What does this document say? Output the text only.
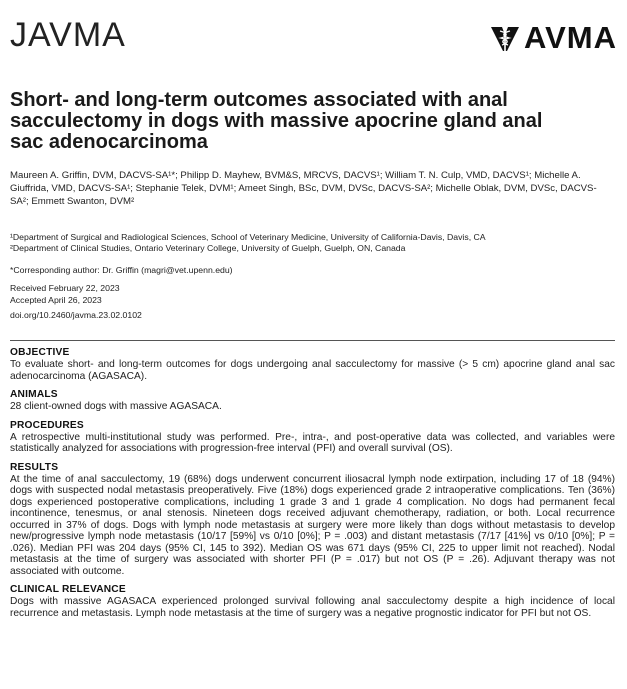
JAVMA	AVMA
Short- and long-term outcomes associated with anal sacculectomy in dogs with massive apocrine gland anal sac adenocarcinoma
Maureen A. Griffin, DVM, DACVS-SA¹*; Philipp D. Mayhew, BVM&S, MRCVS, DACVS¹; William T. N. Culp, VMD, DACVS¹; Michelle A. Giuffrida, VMD, DACVS-SA¹; Stephanie Telek, DVM¹; Ameet Singh, BSc, DVM, DVSc, DACVS-SA²; Michelle Oblak, DVM, DVSc, DACVS-SA²; Emmett Swanton, DVM²
¹Department of Surgical and Radiological Sciences, School of Veterinary Medicine, University of California-Davis, Davis, CA
²Department of Clinical Studies, Ontario Veterinary College, University of Guelph, Guelph, ON, Canada
*Corresponding author: Dr. Griffin (magri@vet.upenn.edu)
Received February 22, 2023
Accepted April 26, 2023
doi.org/10.2460/javma.23.02.0102
OBJECTIVE

To evaluate short- and long-term outcomes for dogs undergoing anal sacculectomy for massive (> 5 cm) apocrine gland anal sac adenocarcinoma (AGASACA).

ANIMALS

28 client-owned dogs with massive AGASACA.

PROCEDURES

A retrospective multi-institutional study was performed. Pre-, intra-, and post-operative data was collected, and variables were statistically analyzed for associations with progression-free interval (PFI) and overall survival (OS).

RESULTS

At the time of anal sacculectomy, 19 (68%) dogs underwent concurrent iliosacral lymph node extirpation, including 17 of 18 (94%) dogs with suspected nodal metastasis preoperatively. Five (18%) dogs experienced grade 2 intraoperative complications. Ten (36%) dogs experienced postoperative complications, including 1 grade 3 and 1 grade 4 complication. No dogs had permanent fecal incontinence, tenesmus, or anal stenosis. Nineteen dogs received adjuvant chemotherapy, radiation, or both. Local recurrence occurred in 37% of dogs. Dogs with lymph node metastasis at surgery were more likely than dogs without metastasis to develop new/progressive lymph node metastasis (10/17 [59%] vs 0/10 [0%]; P = .003) and distant metastasis (7/17 [41%] vs 0/10 [0%]; P = .026). Median PFI was 204 days (95% CI, 145 to 392). Median OS was 671 days (95% CI, 225 to upper limit not reached). Nodal metastasis at the time of surgery was associated with shorter PFI (P = .017) but not OS (P = .26). Adjuvant therapy was not associated with outcome.

CLINICAL RELEVANCE

Dogs with massive AGASACA experienced prolonged survival following anal sacculectomy despite a high incidence of local recurrence and metastasis. Lymph node metastasis at the time of surgery was a negative prognostic indicator for PFI but not OS.
